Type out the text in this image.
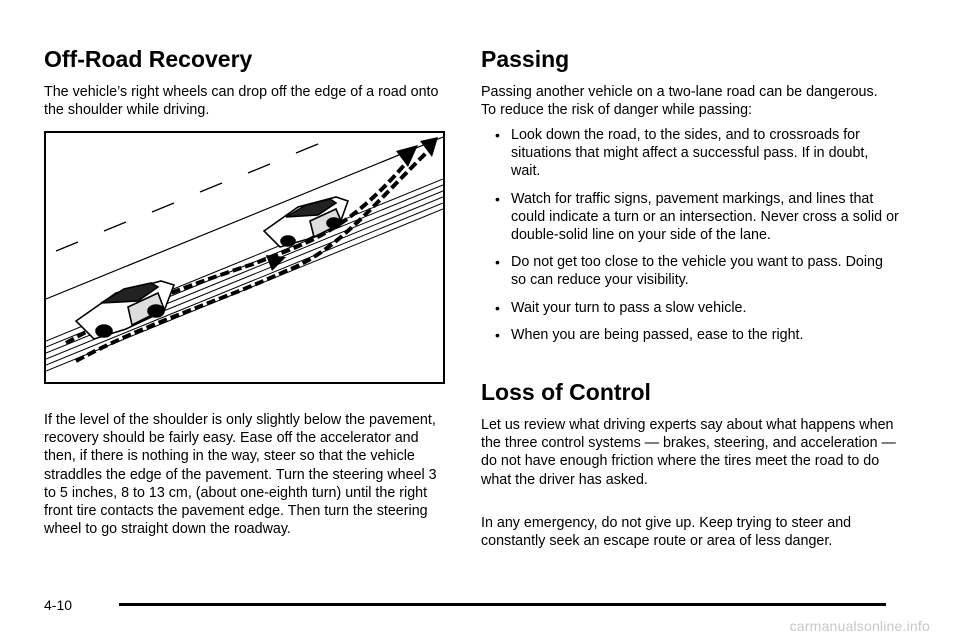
Off-Road Recovery

The vehicle’s right wheels can drop off the edge of a road onto the shoulder while driving.

If the level of the shoulder is only slightly below the pavement, recovery should be fairly easy. Ease off the accelerator and then, if there is nothing in the way, steer so that the vehicle straddles the edge of the pavement. Turn the steering wheel 3 to 5 inches, 8 to 13 cm, (about one-eighth turn) until the right front tire contacts the pavement edge. Then turn the steering wheel to go straight down the roadway.

Passing

Passing another vehicle on a two-lane road can be dangerous. To reduce the risk of danger while passing:

• Look down the road, to the sides, and to crossroads for situations that might affect a successful pass. If in doubt, wait.
• Watch for traffic signs, pavement markings, and lines that could indicate a turn or an intersection. Never cross a solid or double-solid line on your side of the lane.
• Do not get too close to the vehicle you want to pass. Doing so can reduce your visibility.
• Wait your turn to pass a slow vehicle.
• When you are being passed, ease to the right.
Loss of Control

Let us review what driving experts say about what happens when the three control systems — brakes, steering, and acceleration — do not have enough friction where the tires meet the road to do what the driver has asked.

In any emergency, do not give up. Keep trying to steer and constantly seek an escape route or area of less danger.

4-10
carmanualsonline.info
